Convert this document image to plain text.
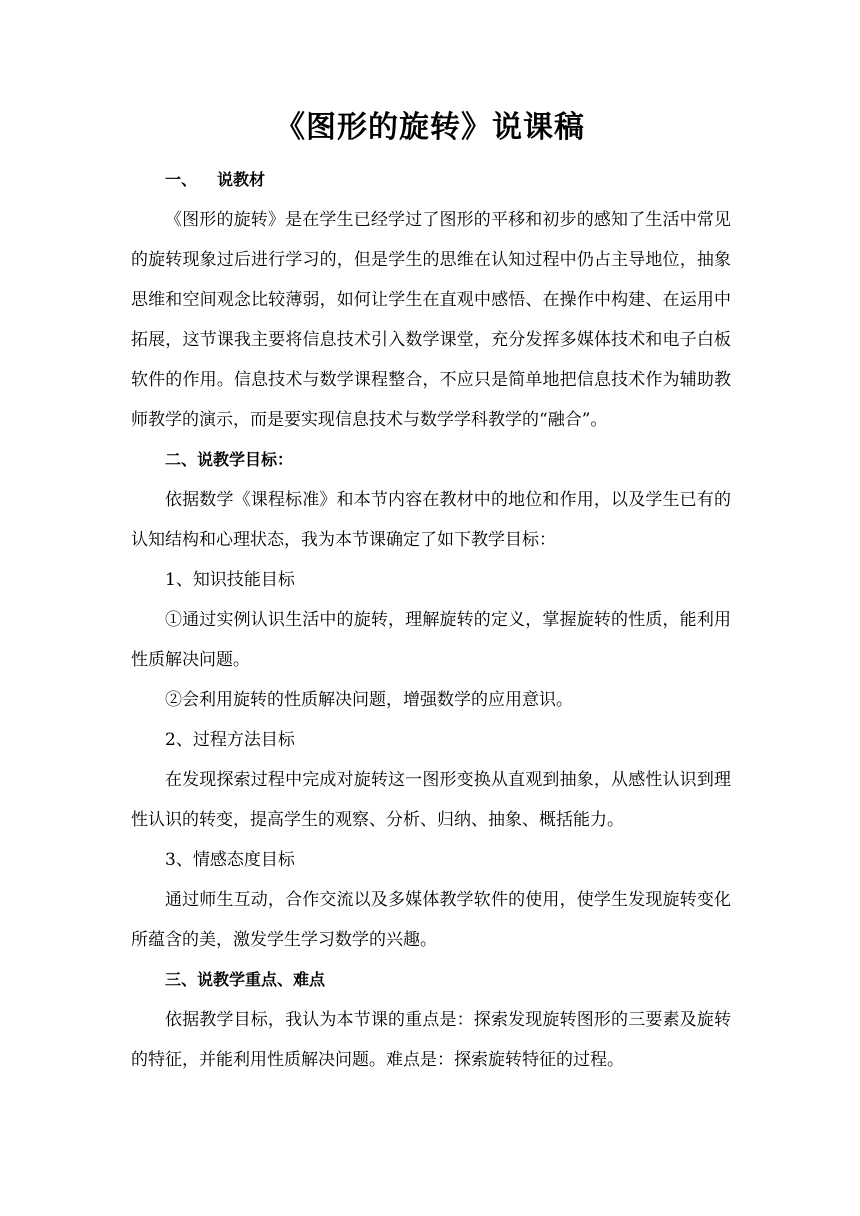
《图形的旋转》说课稿
一、 说教材
《图形的旋转》是在学生已经学过了图形的平移和初步的感知了生活中常见
的旋转现象过后进行学习的，但是学生的思维在认知过程中仍占主导地位，抽象
思维和空间观念比较薄弱，如何让学生在直观中感悟、在操作中构建、在运用中
拓展，这节课我主要将信息技术引入数学课堂，充分发挥多媒体技术和电子白板
软件的作用。信息技术与数学课程整合，不应只是简单地把信息技术作为辅助教
师教学的演示，而是要实现信息技术与数学学科教学的“融合”。
二、说教学目标：
依据数学《课程标准》和本节内容在教材中的地位和作用，以及学生已有的
认知结构和心理状态，我为本节课确定了如下教学目标：
1、知识技能目标
①通过实例认识生活中的旋转，理解旋转的定义，掌握旋转的性质，能利用
性质解决问题。
②会利用旋转的性质解决问题，增强数学的应用意识。
2、过程方法目标
在发现探索过程中完成对旋转这一图形变换从直观到抽象，从感性认识到理
性认识的转变，提高学生的观察、分析、归纳、抽象、概括能力。
3、情感态度目标
通过师生互动，合作交流以及多媒体教学软件的使用，使学生发现旋转变化
所蕴含的美，激发学生学习数学的兴趣。
三、说教学重点、难点
依据教学目标，我认为本节课的重点是：探索发现旋转图形的三要素及旋转
的特征，并能利用性质解决问题。难点是：探索旋转特征的过程。
